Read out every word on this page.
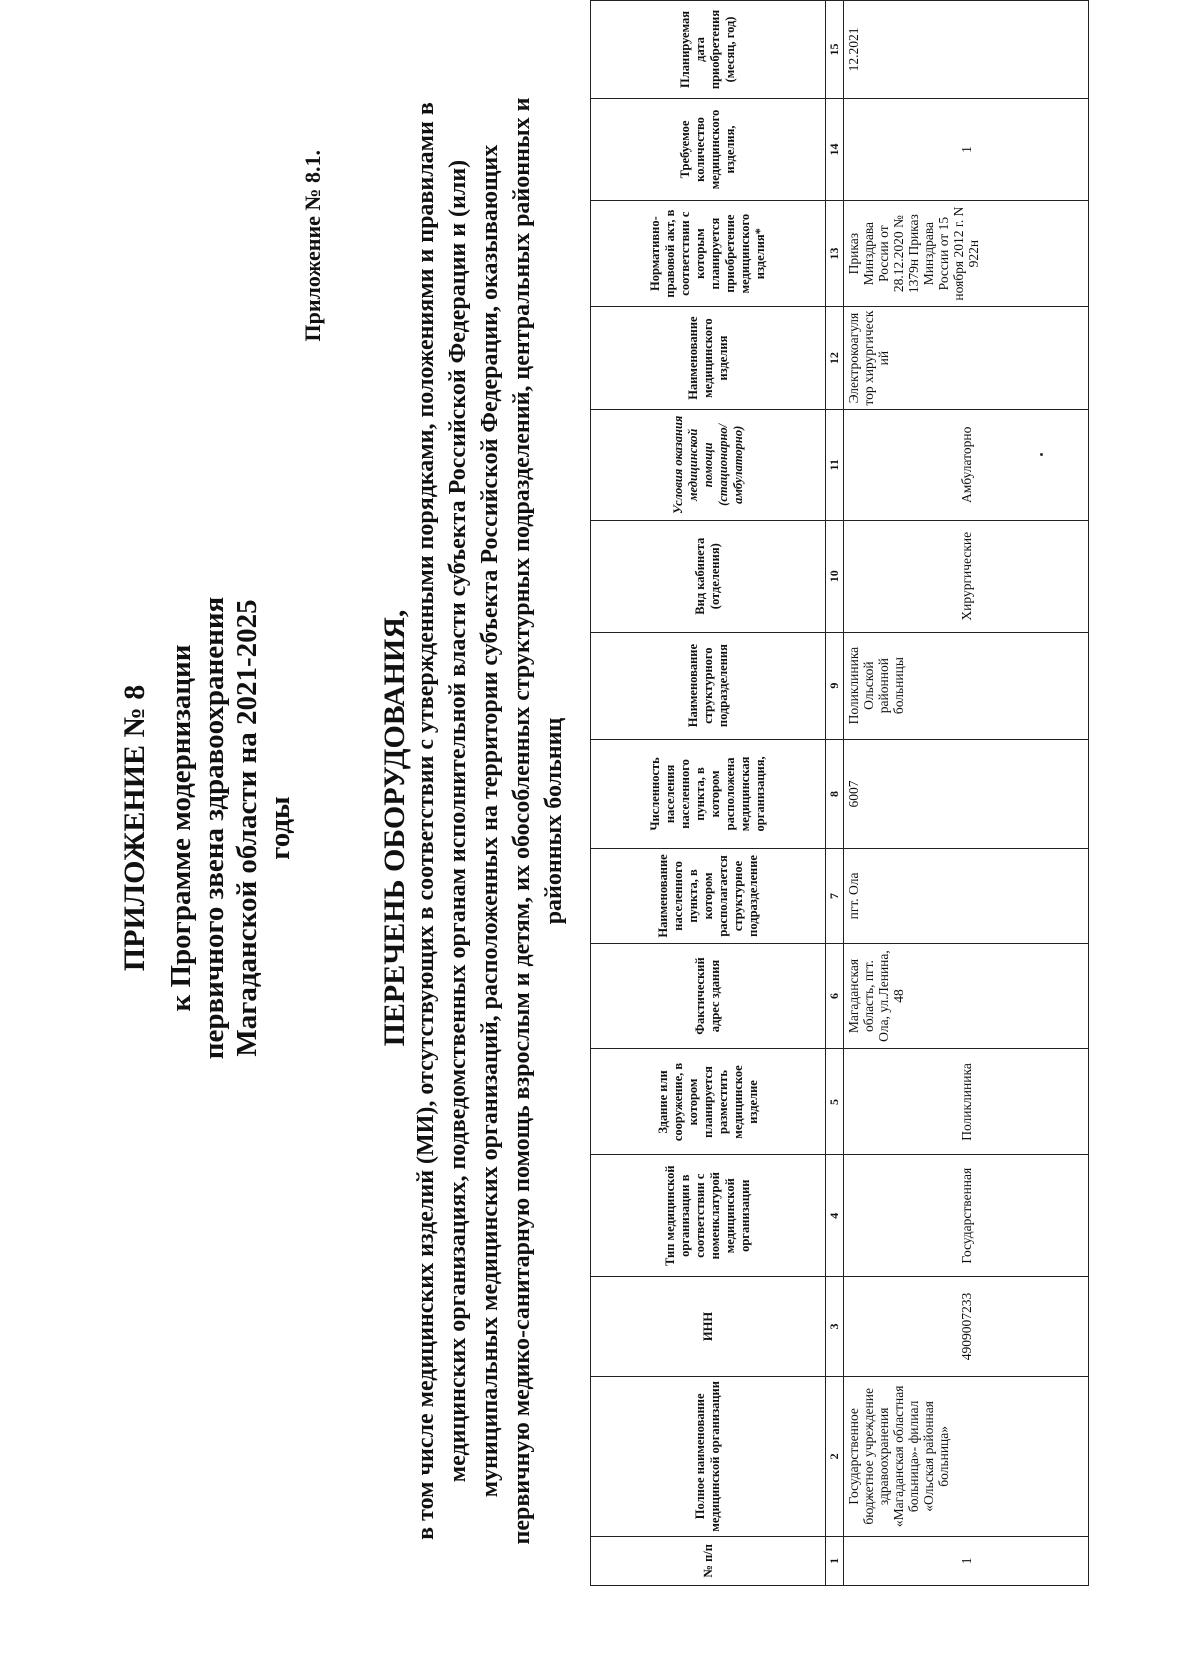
ПРИЛОЖЕНИЕ № 8 к Программе модернизации первичного звена здравоохранения Магаданской области на 2021-2025 годы
Приложение № 8.1.
ПЕРЕЧЕНЬ ОБОРУДОВАНИЯ, в том числе медицинских изделий (МИ), отсутствующих в соответствии с утвержденными порядками, положениями и правилами в медицинских организациях, подведомственных органам исполнительной власти субъекта Российской Федерации и (или) муниципальных медицинских организаций, расположенных на территории субъекта Российской Федерации, оказывающих первичную медико-санитарную помощь взрослым и детям, их обособленных структурных подразделений, центральных районных и районных больниц
№ п/п	Полное наименование медицинской организации	ИНН	Тип медицинской организации в соответствии с номенклатурой медицинской организации	Здание или сооружение, в котором планируется разместить медицинское изделие	Фактический адрес здания	Наименование населенного пункта, в котором располагается структурное подразделение	Численность населения населенного пункта, в котором расположена медицинская организация,	Наименование структурного подразделения	Вид кабинета (отделения)	Условия оказания медицинской помощи (стационарно/ амбулаторно)	Наименование медицинского изделия	Нормативно-правовой акт, в соответствии с которым планируется приобретение медицинского изделия*	Требуемое количество медицинского изделия,	Планируемая дата приобретения (месяц, год)
1	2	3	4	5	6	7	8	9	10	11	12	13	14	15
1	Государственное бюджетное учреждение здравоохранения «Магаданская областная больница»- филиал «Ольская районная больница»	4909007233	Государственная	Поликлиника	Магаданская область, пгт. Ола, ул.Ленина, 48	пгт. Ола	6007	Поликлиника Ольской районной больницы	Хирургические	Амбулаторно	Электрокоагулятор хирургический	Приказ Минздрава России от 28.12.2020 № 1379н Приказ Минздрава России от 15 ноября 2012 г. N 922н	1	12.2021
